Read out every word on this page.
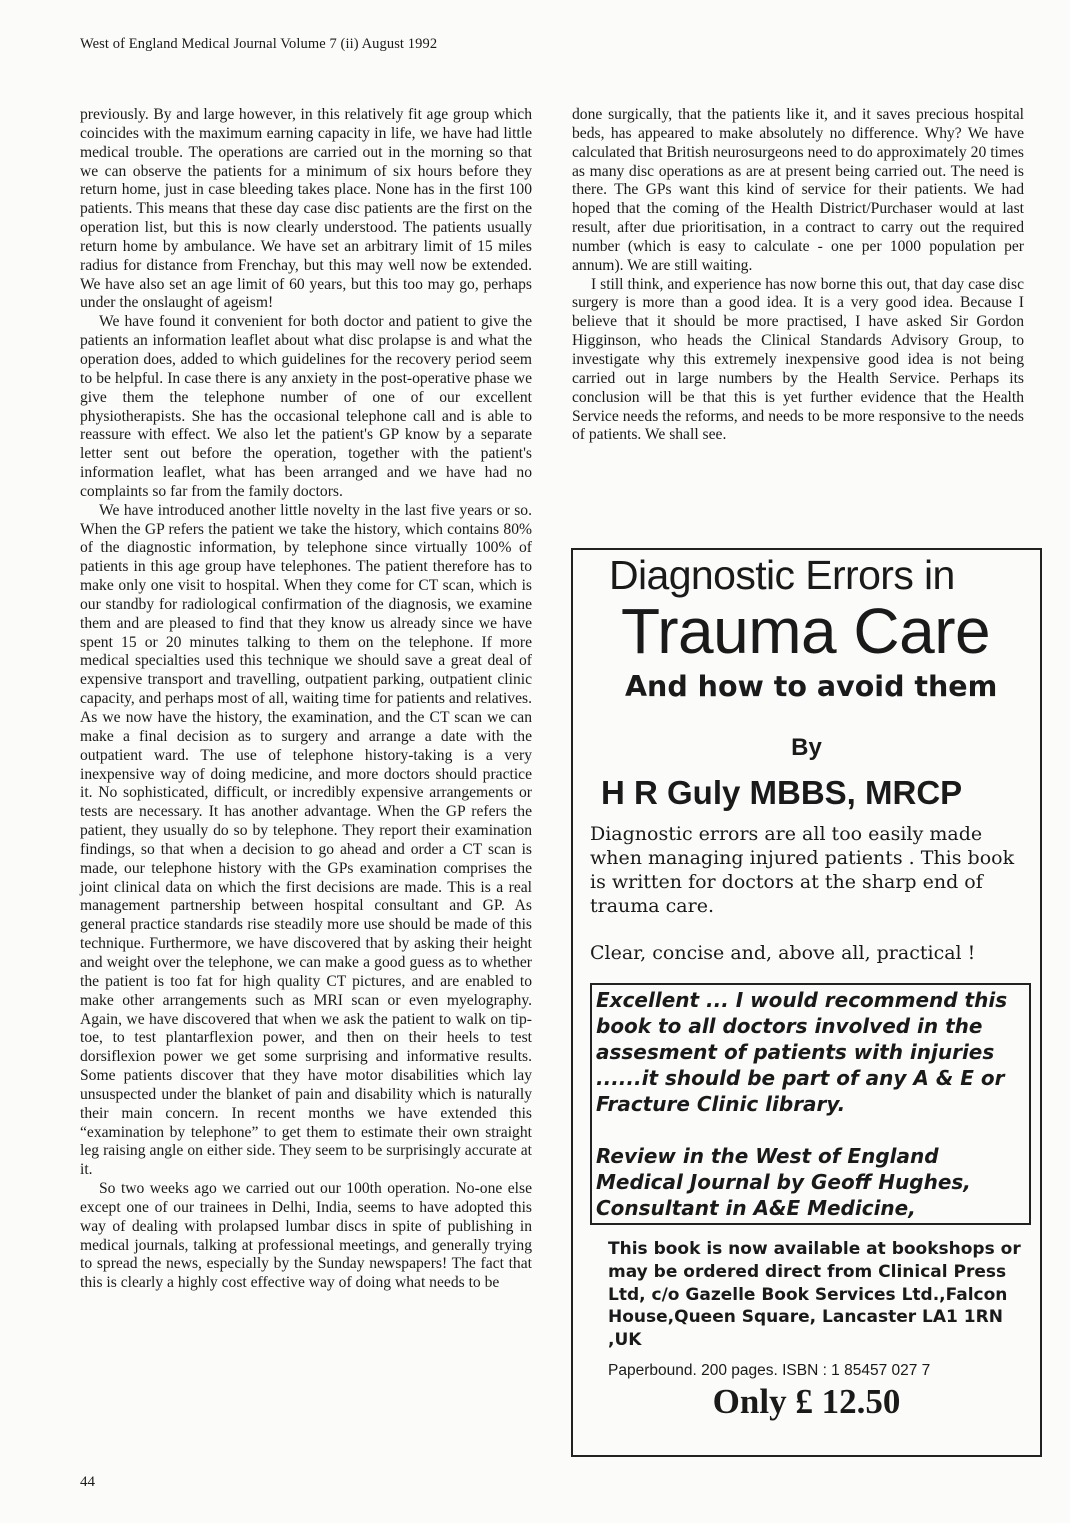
West of England Medical Journal Volume 7 (ii) August 1992

previously. By and large however, in this relatively fit age group which coincides with the maximum earning capacity in life, we have had little medical trouble. The operations are carried out in the morning so that we can observe the patients for a minimum of six hours before they return home, just in case bleeding takes place. None has in the first 100 patients. This means that these day case disc patients are the first on the operation list, but this is now clearly understood. The patients usually return home by ambulance. We have set an arbitrary limit of 15 miles radius for distance from Frenchay, but this may well now be extended. We have also set an age limit of 60 years, but this too may go, perhaps under the onslaught of ageism!

We have found it convenient for both doctor and patient to give the patients an information leaflet about what disc prolapse is and what the operation does, added to which guidelines for the recovery period seem to be helpful. In case there is any anxiety in the post-operative phase we give them the telephone number of one of our excellent physiotherapists. She has the occasional telephone call and is able to reassure with effect. We also let the patient's GP know by a separate letter sent out before the operation, together with the patient's information leaflet, what has been arranged and we have had no complaints so far from the family doctors.

We have introduced another little novelty in the last five years or so. When the GP refers the patient we take the history, which contains 80% of the diagnostic information, by telephone since virtually 100% of patients in this age group have telephones. The patient therefore has to make only one visit to hospital. When they come for CT scan, which is our standby for radiological confirmation of the diagnosis, we examine them and are pleased to find that they know us already since we have spent 15 or 20 minutes talking to them on the telephone. If more medical specialties used this technique we should save a great deal of expensive transport and travelling, outpatient parking, outpatient clinic capacity, and perhaps most of all, waiting time for patients and relatives. As we now have the history, the examination, and the CT scan we can make a final decision as to surgery and arrange a date with the outpatient ward. The use of telephone history-taking is a very inexpensive way of doing medicine, and more doctors should practice it. No sophisticated, difficult, or incredibly expensive arrangements or tests are necessary. It has another advantage. When the GP refers the patient, they usually do so by telephone. They report their examination findings, so that when a decision to go ahead and order a CT scan is made, our telephone history with the GPs examination comprises the joint clinical data on which the first decisions are made. This is a real management partnership between hospital consultant and GP. As general practice standards rise steadily more use should be made of this technique. Furthermore, we have discovered that by asking their height and weight over the telephone, we can make a good guess as to whether the patient is too fat for high quality CT pictures, and are enabled to make other arrangements such as MRI scan or even myelography. Again, we have discovered that when we ask the patient to walk on tip-toe, to test plantarflexion power, and then on their heels to test dorsiflexion power we get some surprising and informative results. Some patients discover that they have motor disabilities which lay unsuspected under the blanket of pain and disability which is naturally their main concern. In recent months we have extended this “examination by telephone” to get them to estimate their own straight leg raising angle on either side. They seem to be surprisingly accurate at it.

So two weeks ago we carried out our 100th operation. No-one else except one of our trainees in Delhi, India, seems to have adopted this way of dealing with prolapsed lumbar discs in spite of publishing in medical journals, talking at professional meetings, and generally trying to spread the news, especially by the Sunday newspapers! The fact that this is clearly a highly cost effective way of doing what needs to be

done surgically, that the patients like it, and it saves precious hospital beds, has appeared to make absolutely no difference. Why? We have calculated that British neurosurgeons need to do approximately 20 times as many disc operations as are at present being carried out. The need is there. The GPs want this kind of service for their patients. We had hoped that the coming of the Health District/Purchaser would at last result, after due prioritisation, in a contract to carry out the required number (which is easy to calculate - one per 1000 population per annum). We are still waiting.

I still think, and experience has now borne this out, that day case disc surgery is more than a good idea. It is a very good idea. Because I believe that it should be more practised, I have asked Sir Gordon Higginson, who heads the Clinical Standards Advisory Group, to investigate why this extremely inexpensive good idea is not being carried out in large numbers by the Health Service. Perhaps its conclusion will be that this is yet further evidence that the Health Service needs the reforms, and needs to be more responsive to the needs of patients. We shall see.

Diagnostic Errors in
Trauma Care
And how to avoid them
By
H R Guly MBBS, MRCP

Diagnostic errors are all too easily made when managing injured patients . This book is written for doctors at the sharp end of trauma care.

Clear, concise and, above all, practical !

Excellent ... I would recommend this book to all doctors involved in the assesment of patients with injuries ......it should be part of any A & E or Fracture Clinic library.

Review in the West of England Medical Journal by Geoff Hughes, Consultant in A&E Medicine,

This book is now available at bookshops or may be ordered direct from Clinical Press Ltd, c/o Gazelle Book Services Ltd.,Falcon House,Queen Square, Lancaster LA1 1RN ,UK

Paperbound. 200 pages. ISBN : 1 85457 027 7
Only £ 12.50
44
